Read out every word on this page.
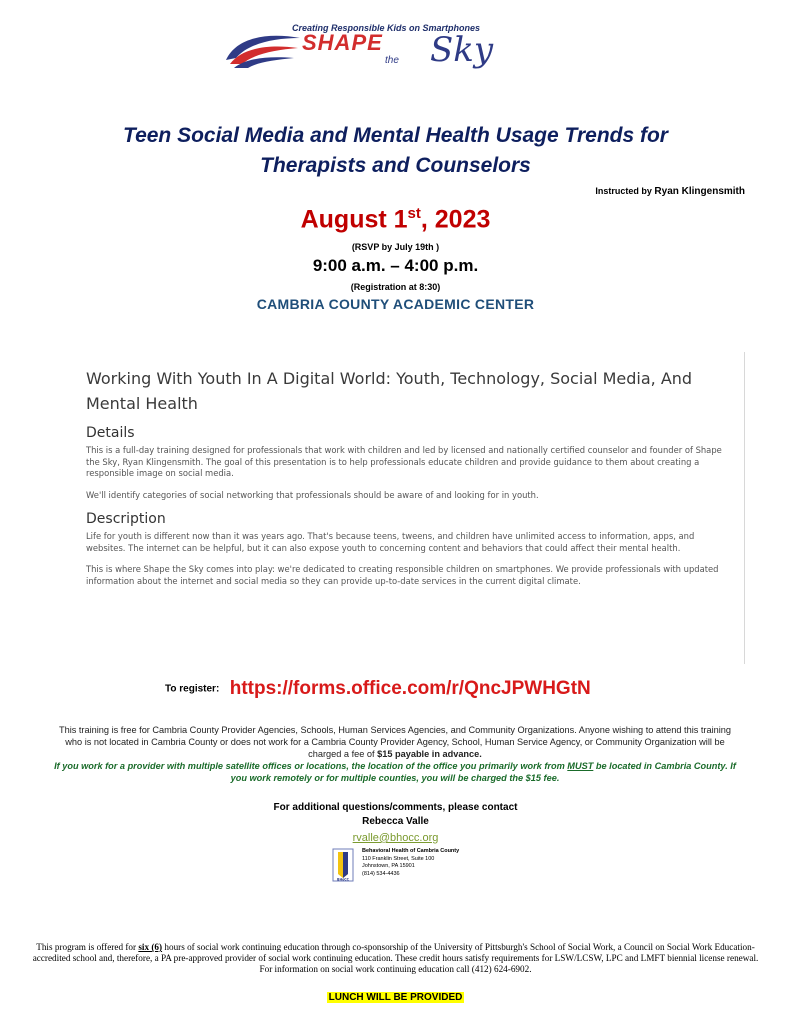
Creating Responsible Kids on Smartphones
SHAPE
the Sky
Teen Social Media and Mental Health Usage Trends for
Therapists and Counselors
Instructed by Ryan Klingensmith
August 1st, 2023
(RSVP by July 19th )
9:00 a.m. – 4:00 p.m.
(Registration at 8:30)
CAMBRIA COUNTY ACADEMIC CENTER
Working With Youth In A Digital World: Youth, Technology, Social Media, And Mental Health
Details
This is a full-day training designed for professionals that work with children and led by licensed and nationally certified counselor and founder of Shape the Sky, Ryan Klingensmith. The goal of this presentation is to help professionals educate children and provide guidance to them about creating a responsible image on social media.
We'll identify categories of social networking that professionals should be aware of and looking for in youth.
Description
Life for youth is different now than it was years ago. That's because teens, tweens, and children have unlimited access to information, apps, and websites. The internet can be helpful, but it can also expose youth to concerning content and behaviors that could affect their mental health.
This is where Shape the Sky comes into play: we're dedicated to creating responsible children on smartphones. We provide professionals with updated information about the internet and social media so they can provide up-to-date services in the current digital climate.
To register: https://forms.office.com/r/QncJPWHGtN
This training is free for Cambria County Provider Agencies, Schools, Human Services Agencies, and Community Organizations. Anyone wishing to attend this training who is not located in Cambria County or does not work for a Cambria County Provider Agency, School, Human Service Agency, or Community Organization will be charged a fee of $15 payable in advance.
If you work for a provider with multiple satellite offices or locations, the location of the office you primarily work from MUST be located in Cambria County. If you work remotely or for multiple counties, you will be charged the $15 fee.
For additional questions/comments, please contact
Rebecca Valle
rvalle@bhocc.org
BHoCC
Behavioral Health of Cambria County
110 Franklin Street, Suite 100
Johnstown, PA 15901
(814) 534-4436
This program is offered for six (6) hours of social work continuing education through co-sponsorship of the University of Pittsburgh's School of Social Work, a Council on Social Work Education-accredited school and, therefore, a PA pre-approved provider of social work continuing education. These credit hours satisfy requirements for LSW/LCSW, LPC and LMFT biennial license renewal. For information on social work continuing education call (412) 624-6902.
LUNCH WILL BE PROVIDED
